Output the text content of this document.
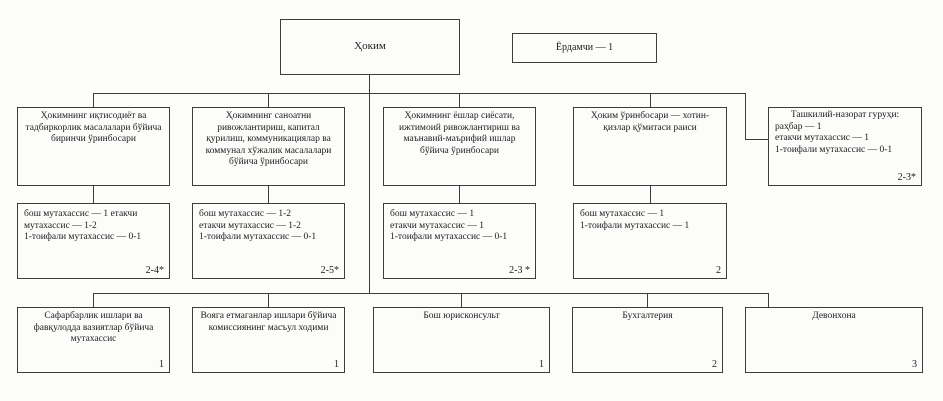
Ҳоким	Ёрдамчи — 1
Ҳокимнинг иқтисодиёт ва тадбиркорлик масалалари бўйича биринчи ўринбосари
Ҳокимнинг саноатни ривожлантириш, капитал қурилиш, коммуникациялар ва коммунал хўжалик масалалари бўйича ўринбосари
Ҳокимнинг ёшлар сиёсати, ижтимоий ривожлантириш ва маънавий-маърифий ишлар бўйича ўринбосари
Ҳоким ўринбосари — хотин-қизлар қўмитаси раиси
Ташкилий-назорат гуруҳи:
раҳбар — 1
етакчи мутахассис — 1
1-тоифали мутахассис — 0-1
2-3*
бош мутахассис — 1 етакчи
мутахассис — 1-2
1-тоифали мутахассис — 0-1
2-4*
бош мутахассис — 1-2
етакчи мутахассис — 1-2
1-тоифали мутахассис — 0-1
2-5*
бош мутахассис — 1
етакчи мутахассис — 1
1-тоифали мутахассис — 0-1
2-3 *
бош мутахассис — 1
1-тоифали мутахассис — 1
2
Сафарбарлик ишлари ва фавқулодда вазиятлар бўйича мутахассис
1
Вояга етмаганлар ишлари бўйича комиссиянинг масъул ходими
1
Бош юрисконсульт
1
Бухгалтерия
2
Девонхона
3
